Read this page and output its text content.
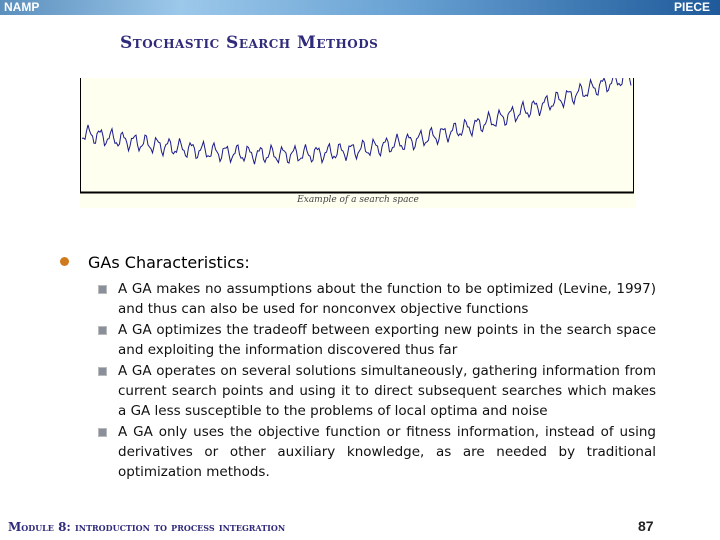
NAMP	PIECE
Stochastic Search Methods
Example of a search space
GAs Characteristics:
A GA makes no assumptions about the function to be optimized (Levine, 1997) and thus can also be used for nonconvex objective functions
A GA optimizes the tradeoff between exporting new points in the search space and exploiting the information discovered thus far
A GA operates on several solutions simultaneously, gathering information from current search points and using it to direct subsequent searches which makes a GA less susceptible to the problems of local optima and noise
A GA only uses the objective function or fitness information, instead of using derivatives or other auxiliary knowledge, as are needed by traditional optimization methods.
Module 8: introduction to process integration	87
